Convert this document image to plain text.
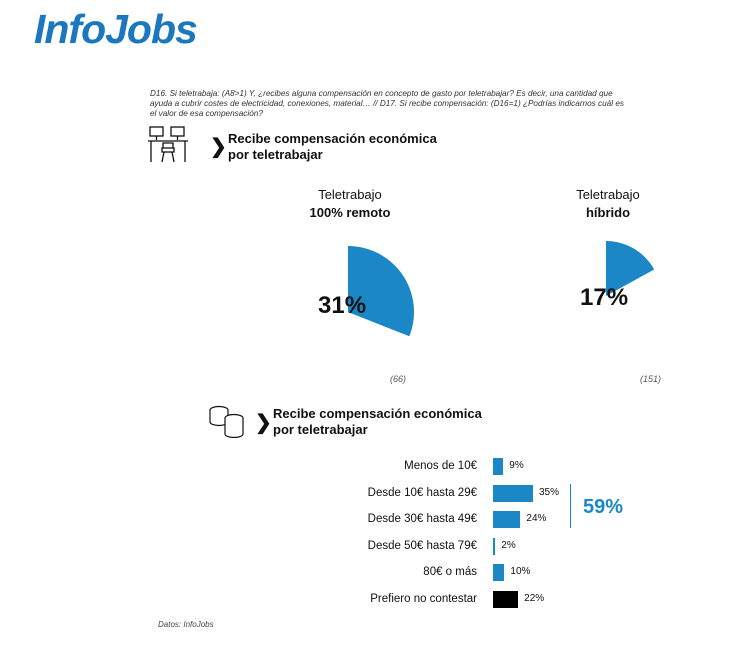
InfoJobs
D16. Si teletrabaja: (A8>1) Y, ¿recibes alguna compensación en concepto de gasto por teletrabajar? Es decir, una cantidad que ayuda a cubrir costes de electricidad, conexiones, material… // D17. Si recibe compensación: (D16=1) ¿Podrías indicarnos cuál es el valor de esa compensación?
❯ Recibe compensación económica
por teletrabajar
Teletrabajo
100% remoto
31%
(66)
Teletrabajo
híbrido
17%
(151)
❯ Recibe compensación económica
por teletrabajar
Menos de 10€	9%
Desde 10€ hasta 29€	35%
Desde 30€ hasta 49€	24%
Desde 50€ hasta 79€ 2%
80€ o más	10%
Prefiero no contestar	22%
59%
Datos: InfoJobs
